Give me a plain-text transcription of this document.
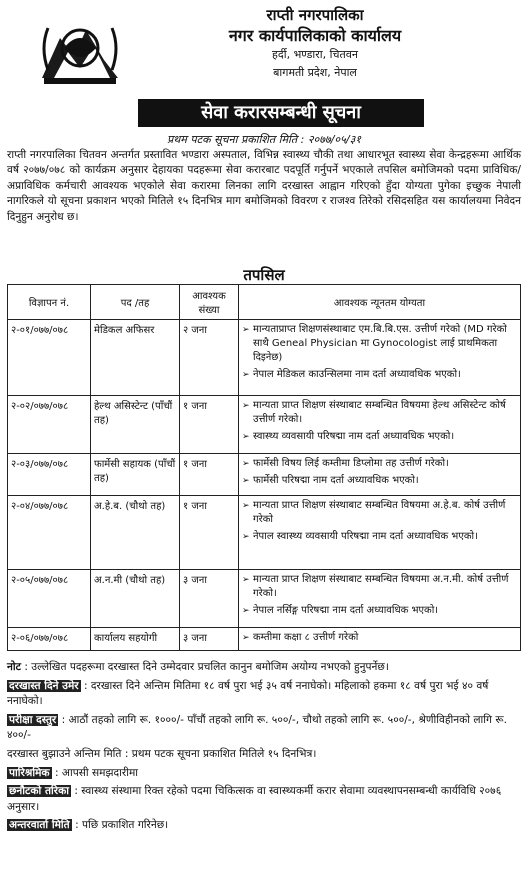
राप्ती नगरपालिका
नगर कार्यपालिकाको कार्यालय
हर्दी, भण्डारा, चितवन
बागमती प्रदेश, नेपाल
सेवा करारसम्बन्धी सूचना
प्रथम पटक सूचना प्रकाशित मिति : २०७७/०५/३१
राप्ती नगरपालिका चितवन अन्तर्गत प्रस्तावित भण्डारा अस्पताल, विभिन्न स्वास्थ्य चौकी तथा आधारभूत स्वास्थ्य सेवा केन्द्रहरूमा आर्थिक वर्ष २०७७/०७८ को कार्यक्रम अनुसार देहायका पदहरूमा सेवा करारबाट पदपूर्ति गर्नुपर्ने भएकाले तपसिल बमोजिमको पदमा प्राविधिक/अप्राविधिक कर्मचारी आवश्यक भएकोले सेवा करारमा लिनका लागि दरखास्त आह्वान गरिएको हुँदा योग्यता पुगेका इच्छुक नेपाली नागरिकले यो सूचना प्रकाशन भएको मितिले १५ दिनभित्र माग बमोजिमको विवरण र राजश्व तिरेको रसिदसहित यस कार्यालयमा निवेदन दिनुहुन अनुरोध छ।
तपसिल
विज्ञापन नं.	पद /तह	आवश्यक संख्या	आवश्यक न्यूनतम योग्यता
२-०१/०७७/०७८	मेडिकल अफिसर	२ जना	➢ मान्यताप्राप्त शिक्षणसंस्थाबाट एम.बि.बि.एस. उत्तीर्ण गरेको (MD गरेको साथै Geneal Physician मा Gynocologist लाई प्राथमिकता दिइनेछ)
➢ नेपाल मेडिकल काउन्सिलमा नाम दर्ता अध्यावधिक भएको।

२-०२/०७७/०७८	हेल्थ असिस्टेन्ट (पाँचौं तह)	१ जना	➢ मान्यता प्राप्त शिक्षण संस्थाबाट सम्बन्धित विषयमा हेल्थ असिस्टेन्ट कोर्ष उत्तीर्ण गरेको।
➢ स्वास्थ्य व्यवसायी परिषद्मा नाम दर्ता अध्यावधिक भएको।

२-०३/०७७/०७८	फार्मेसी सहायक (पाँचौं तह)	१ जना	➢ फार्मेसी विषय लिई कम्तीमा डिप्लोमा तह उत्तीर्ण गरेको।
➢ फार्मेसी परिषद्मा नाम दर्ता अध्यावधिक भएको।

२-०४/०७७/०७८	अ.हे.ब. (चौथो तह)	१ जना	➢ मान्यता प्राप्त शिक्षण संस्थाबाट सम्बन्धित विषयमा अ.हे.ब. कोर्ष उत्तीर्ण गरेको
➢ नेपाल स्वास्थ्य व्यवसायी परिषद्मा नाम दर्ता अध्यावधिक भएको।

२-०५/०७७/०७८	अ.न.मी (चौथो तह)	३ जना	➢ मान्यता प्राप्त शिक्षण संस्थाबाट सम्बन्धित विषयमा अ.न.मी. कोर्ष उत्तीर्ण गरेको।
➢ नेपाल नर्सिङ्ग परिषद्मा नाम दर्ता अध्यावधिक भएको।

२-०६/०७७/०७८	कार्यालय सहयोगी	३ जना	➢ कम्तीमा कक्षा ८ उत्तीर्ण गरेको

नोट : उल्लेखित पदहरूमा दरखास्त दिने उम्मेदवार प्रचलित कानुन बमोजिम अयोग्य नभएको हुनुपर्नेछ।

दरखास्त दिने उमेर : दरखास्त दिने अन्तिम मितिमा १८ वर्ष पुरा भई ३५ वर्ष ननाघेको। महिलाको हकमा १८ वर्ष पुरा भई ४० वर्ष ननाघेको।

परीक्षा दस्तुर : आठौं तहको लागि रू. १०००/- पाँचौं तहको लागि रू. ५००/-, चौथो तहको लागि रू. ५००/-, श्रेणीविहीनको लागि रू. ४००/-

दरखास्त बुझाउने अन्तिम मिति : प्रथम पटक सूचना प्रकाशित मितिले १५ दिनभित्र।

पारिश्रमिक : आपसी समझदारीमा

छनौटको तरिका : स्वास्थ्य संस्थामा रिक्त रहेको पदमा चिकित्सक वा स्वास्थ्यकर्मी करार सेवामा व्यवस्थापनसम्बन्धी कार्यविधि २०७६ अनुसार।

अन्तरवार्ता मिति : पछि प्रकाशित गरिनेछ।
